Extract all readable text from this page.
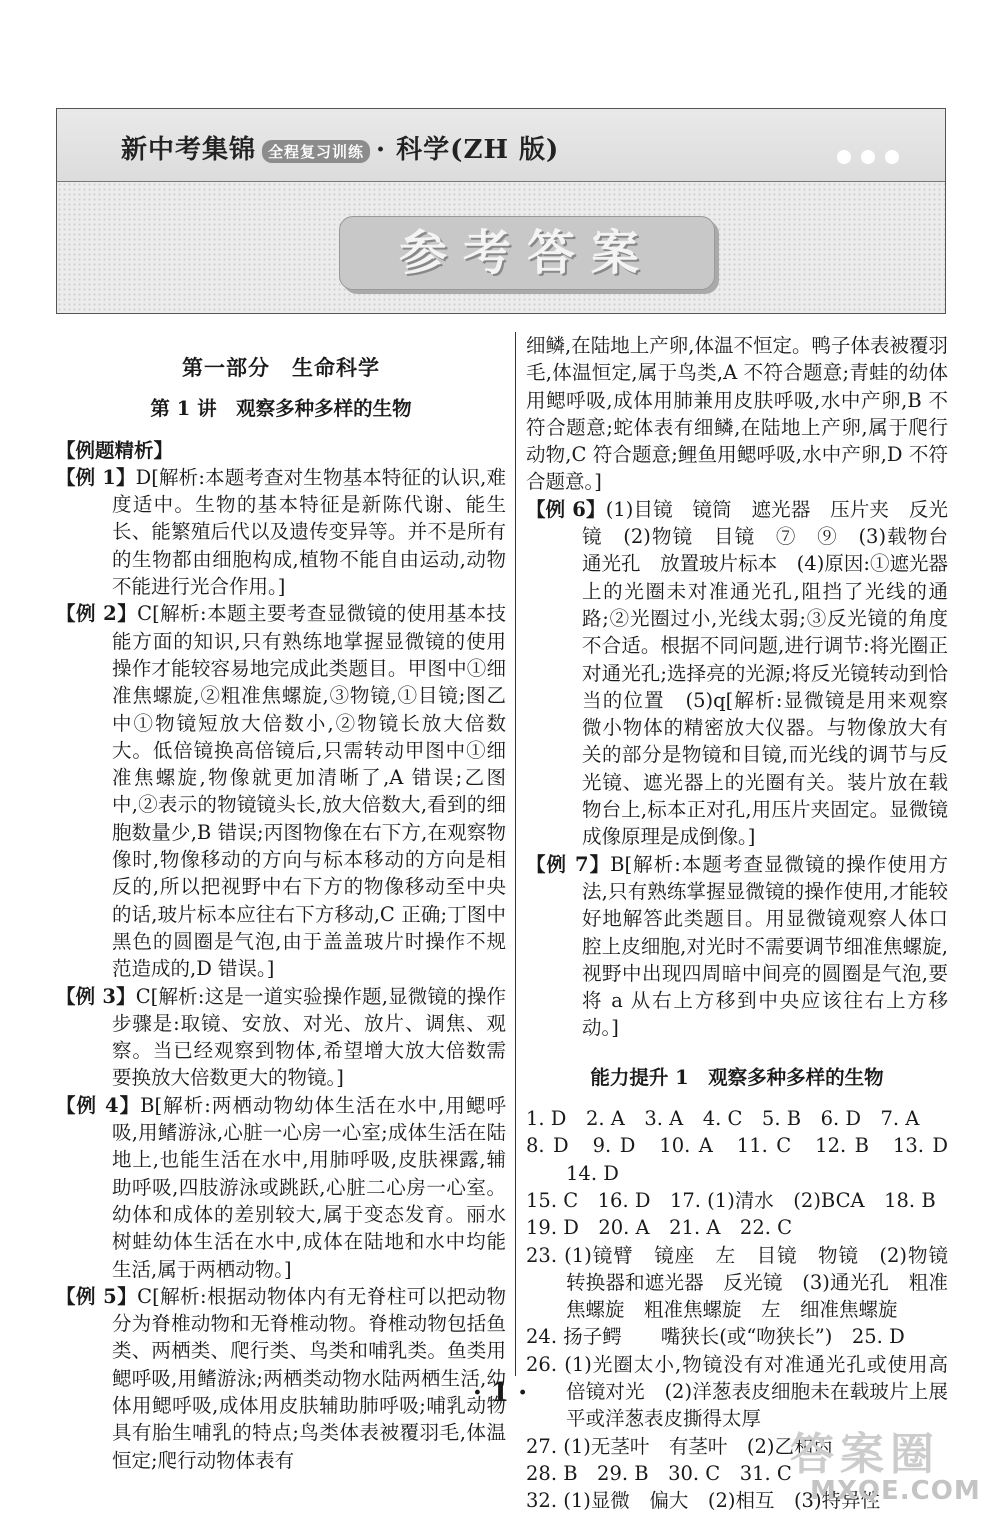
新中考集锦 全程复习训练 · 科学(ZH 版)
参考答案
第一部分　生命科学
第 1 讲　观察多种多样的生物

【例题精析】

【例 1】D[解析:本题考查对生物基本特征的认识,难度适中。生物的基本特征是新陈代谢、能生长、能繁殖后代以及遗传变异等。并不是所有的生物都由细胞构成,植物不能自由运动,动物不能进行光合作用。]

【例 2】C[解析:本题主要考查显微镜的使用基本技能方面的知识,只有熟练地掌握显微镜的使用操作才能较容易地完成此类题目。甲图中①细准焦螺旋,②粗准焦螺旋,③物镜,①目镜;图乙中①物镜短放大倍数小,②物镜长放大倍数大。低倍镜换高倍镜后,只需转动甲图中①细准焦螺旋,物像就更加清晰了,A 错误;乙图中,②表示的物镜镜头长,放大倍数大,看到的细胞数量少,B 错误;丙图物像在右下方,在观察物像时,物像移动的方向与标本移动的方向是相反的,所以把视野中右下方的物像移动至中央的话,玻片标本应往右下方移动,C 正确;丁图中黑色的圆圈是气泡,由于盖盖玻片时操作不规范造成的,D 错误。]

【例 3】C[解析:这是一道实验操作题,显微镜的操作步骤是:取镜、安放、对光、放片、调焦、观察。当已经观察到物体,希望增大放大倍数需要换放大倍数更大的物镜。]

【例 4】B[解析:两栖动物幼体生活在水中,用鳃呼吸,用鳍游泳,心脏一心房一心室;成体生活在陆地上,也能生活在水中,用肺呼吸,皮肤裸露,辅助呼吸,四肢游泳或跳跃,心脏二心房一心室。幼体和成体的差别较大,属于变态发育。丽水树蛙幼体生活在水中,成体在陆地和水中均能生活,属于两栖动物。]

【例 5】C[解析:根据动物体内有无脊柱可以把动物分为脊椎动物和无脊椎动物。脊椎动物包括鱼类、两栖类、爬行类、鸟类和哺乳类。鱼类用鳃呼吸,用鳍游泳;两栖类动物水陆两栖生活,幼体用鳃呼吸,成体用皮肤辅助肺呼吸;哺乳动物具有胎生哺乳的特点;鸟类体表被覆羽毛,体温恒定;爬行动物体表有

细鳞,在陆地上产卵,体温不恒定。鸭子体表被覆羽毛,体温恒定,属于鸟类,A 不符合题意;青蛙的幼体用鳃呼吸,成体用肺兼用皮肤呼吸,水中产卵,B 不符合题意;蛇体表有细鳞,在陆地上产卵,属于爬行动物,C 符合题意;鲤鱼用鳃呼吸,水中产卵,D 不符合题意。]

【例 6】(1)目镜　镜筒　遮光器　压片夹　反光镜　(2)物镜　目镜　⑦　⑨　(3)载物台　通光孔　放置玻片标本　(4)原因:①遮光器上的光圈未对准通光孔,阻挡了光线的通路;②光圈过小,光线太弱;③反光镜的角度不合适。根据不同问题,进行调节:将光圈正对通光孔;选择亮的光源;将反光镜转动到恰当的位置　(5)q[解析:显微镜是用来观察微小物体的精密放大仪器。与物像放大有关的部分是物镜和目镜,而光线的调节与反光镜、遮光器上的光圈有关。装片放在载物台上,标本正对孔,用压片夹固定。显微镜成像原理是成倒像。]

【例 7】B[解析:本题考查显微镜的操作使用方法,只有熟练掌握显微镜的操作使用,才能较好地解答此类题目。用显微镜观察人体口腔上皮细胞,对光时不需要调节细准焦螺旋,视野中出现四周暗中间亮的圆圈是气泡,要将 a 从右上方移到中央应该往右上方移动。]

能力提升 1　观察多种多样的生物

1. D　2. A　3. A　4. C　5. B　6. D　7. A

8. D　9. D　10. A　11. C　12. B　13. D　14. D

15. C　16. D　17. (1)清水　(2)BCA　18. B

19. D　20. A　21. A　22. C

23. (1)镜臂　镜座　左　目镜　物镜　(2)物镜转换器和遮光器　反光镜　(3)通光孔　粗准焦螺旋　粗准焦螺旋　左　细准焦螺旋

24. 扬子鳄　　嘴狭长(或“吻狭长”)　25. D

26. (1)光圈太小,物镜没有对准通光孔或使用高倍镜对光　(2)洋葱表皮细胞未在载玻片上展平或洋葱表皮撕得太厚

27. (1)无茎叶　有茎叶　(2)乙和丙

28. B　29. B　30. C　31. C

32. (1)显微　偏大　(2)相互　(3)特异性

· 1 ·
答案圈
MXQE.COM
